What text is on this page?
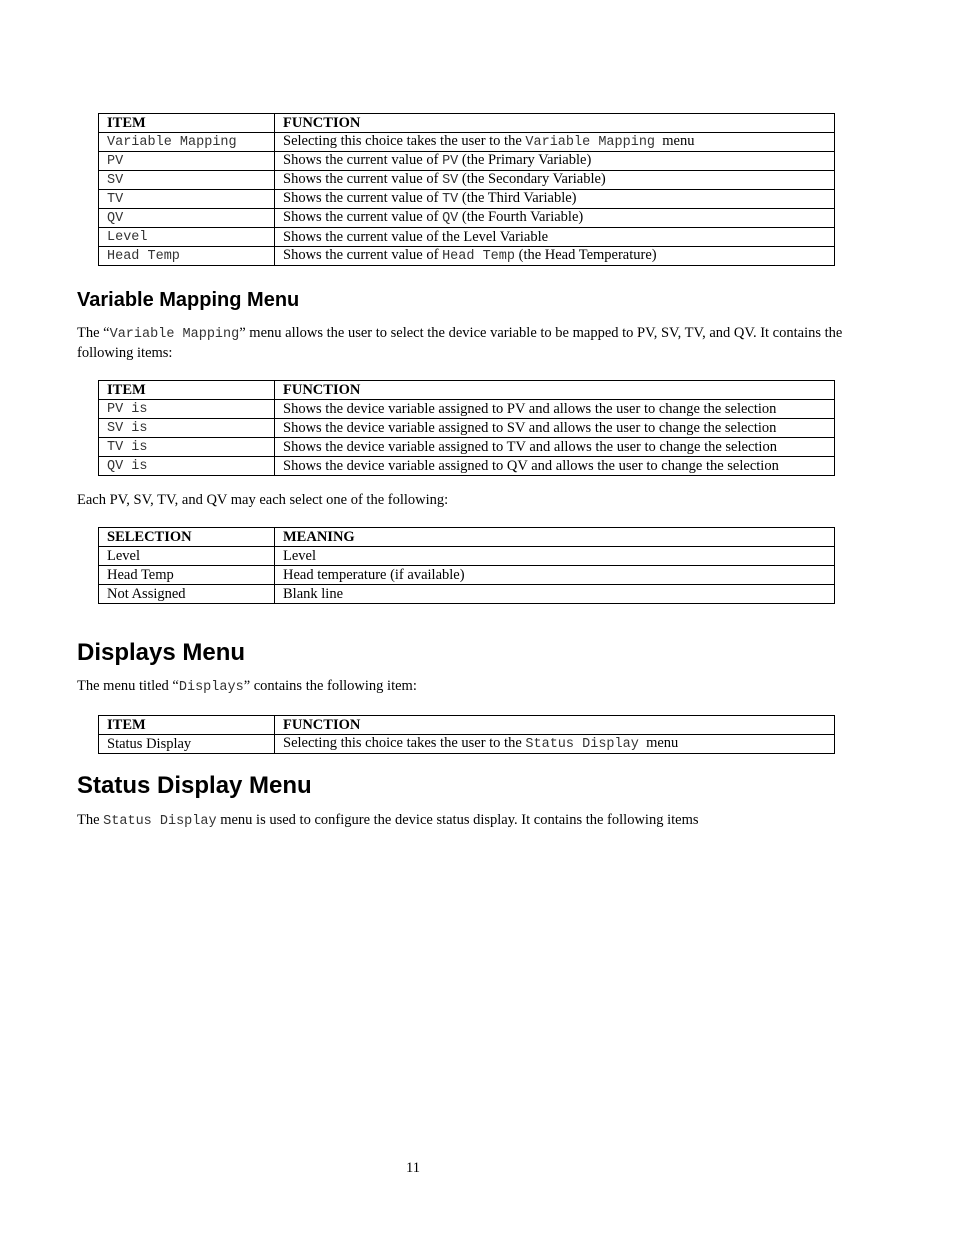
ITEM	FUNCTION
Variable Mapping	Selecting this choice takes the user to the Variable Mapping  menu
PV	Shows the current value of PV (the Primary Variable)
SV	Shows the current value of SV (the Secondary Variable)
TV	Shows the current value of TV (the Third Variable)
QV	Shows the current value of QV (the Fourth Variable)
Level	Shows the current value of the Level Variable
Head Temp	Shows the current value of Head Temp (the Head Temperature)
Variable Mapping Menu

The “Variable Mapping” menu allows the user to select the device variable to be mapped to PV, SV, TV, and QV. It contains the following items:

ITEM	FUNCTION
PV is	Shows the device variable assigned to PV and allows the user to change the selection
SV is	Shows the device variable assigned to SV and allows the user to change the selection
TV is	Shows the device variable assigned to TV and allows the user to change the selection
QV is	Shows the device variable assigned to QV and allows the user to change the selection

Each PV, SV, TV, and QV may each select one of the following:

SELECTION	MEANING
Level	Level
Head Temp	Head temperature (if available)
Not Assigned	Blank line
Displays Menu

The menu titled “Displays” contains the following item:

ITEM	FUNCTION
Status Display	Selecting this choice takes the user to the Status Display  menu
Status Display Menu

The Status Display menu is used to configure the device status display. It contains the following items

11
